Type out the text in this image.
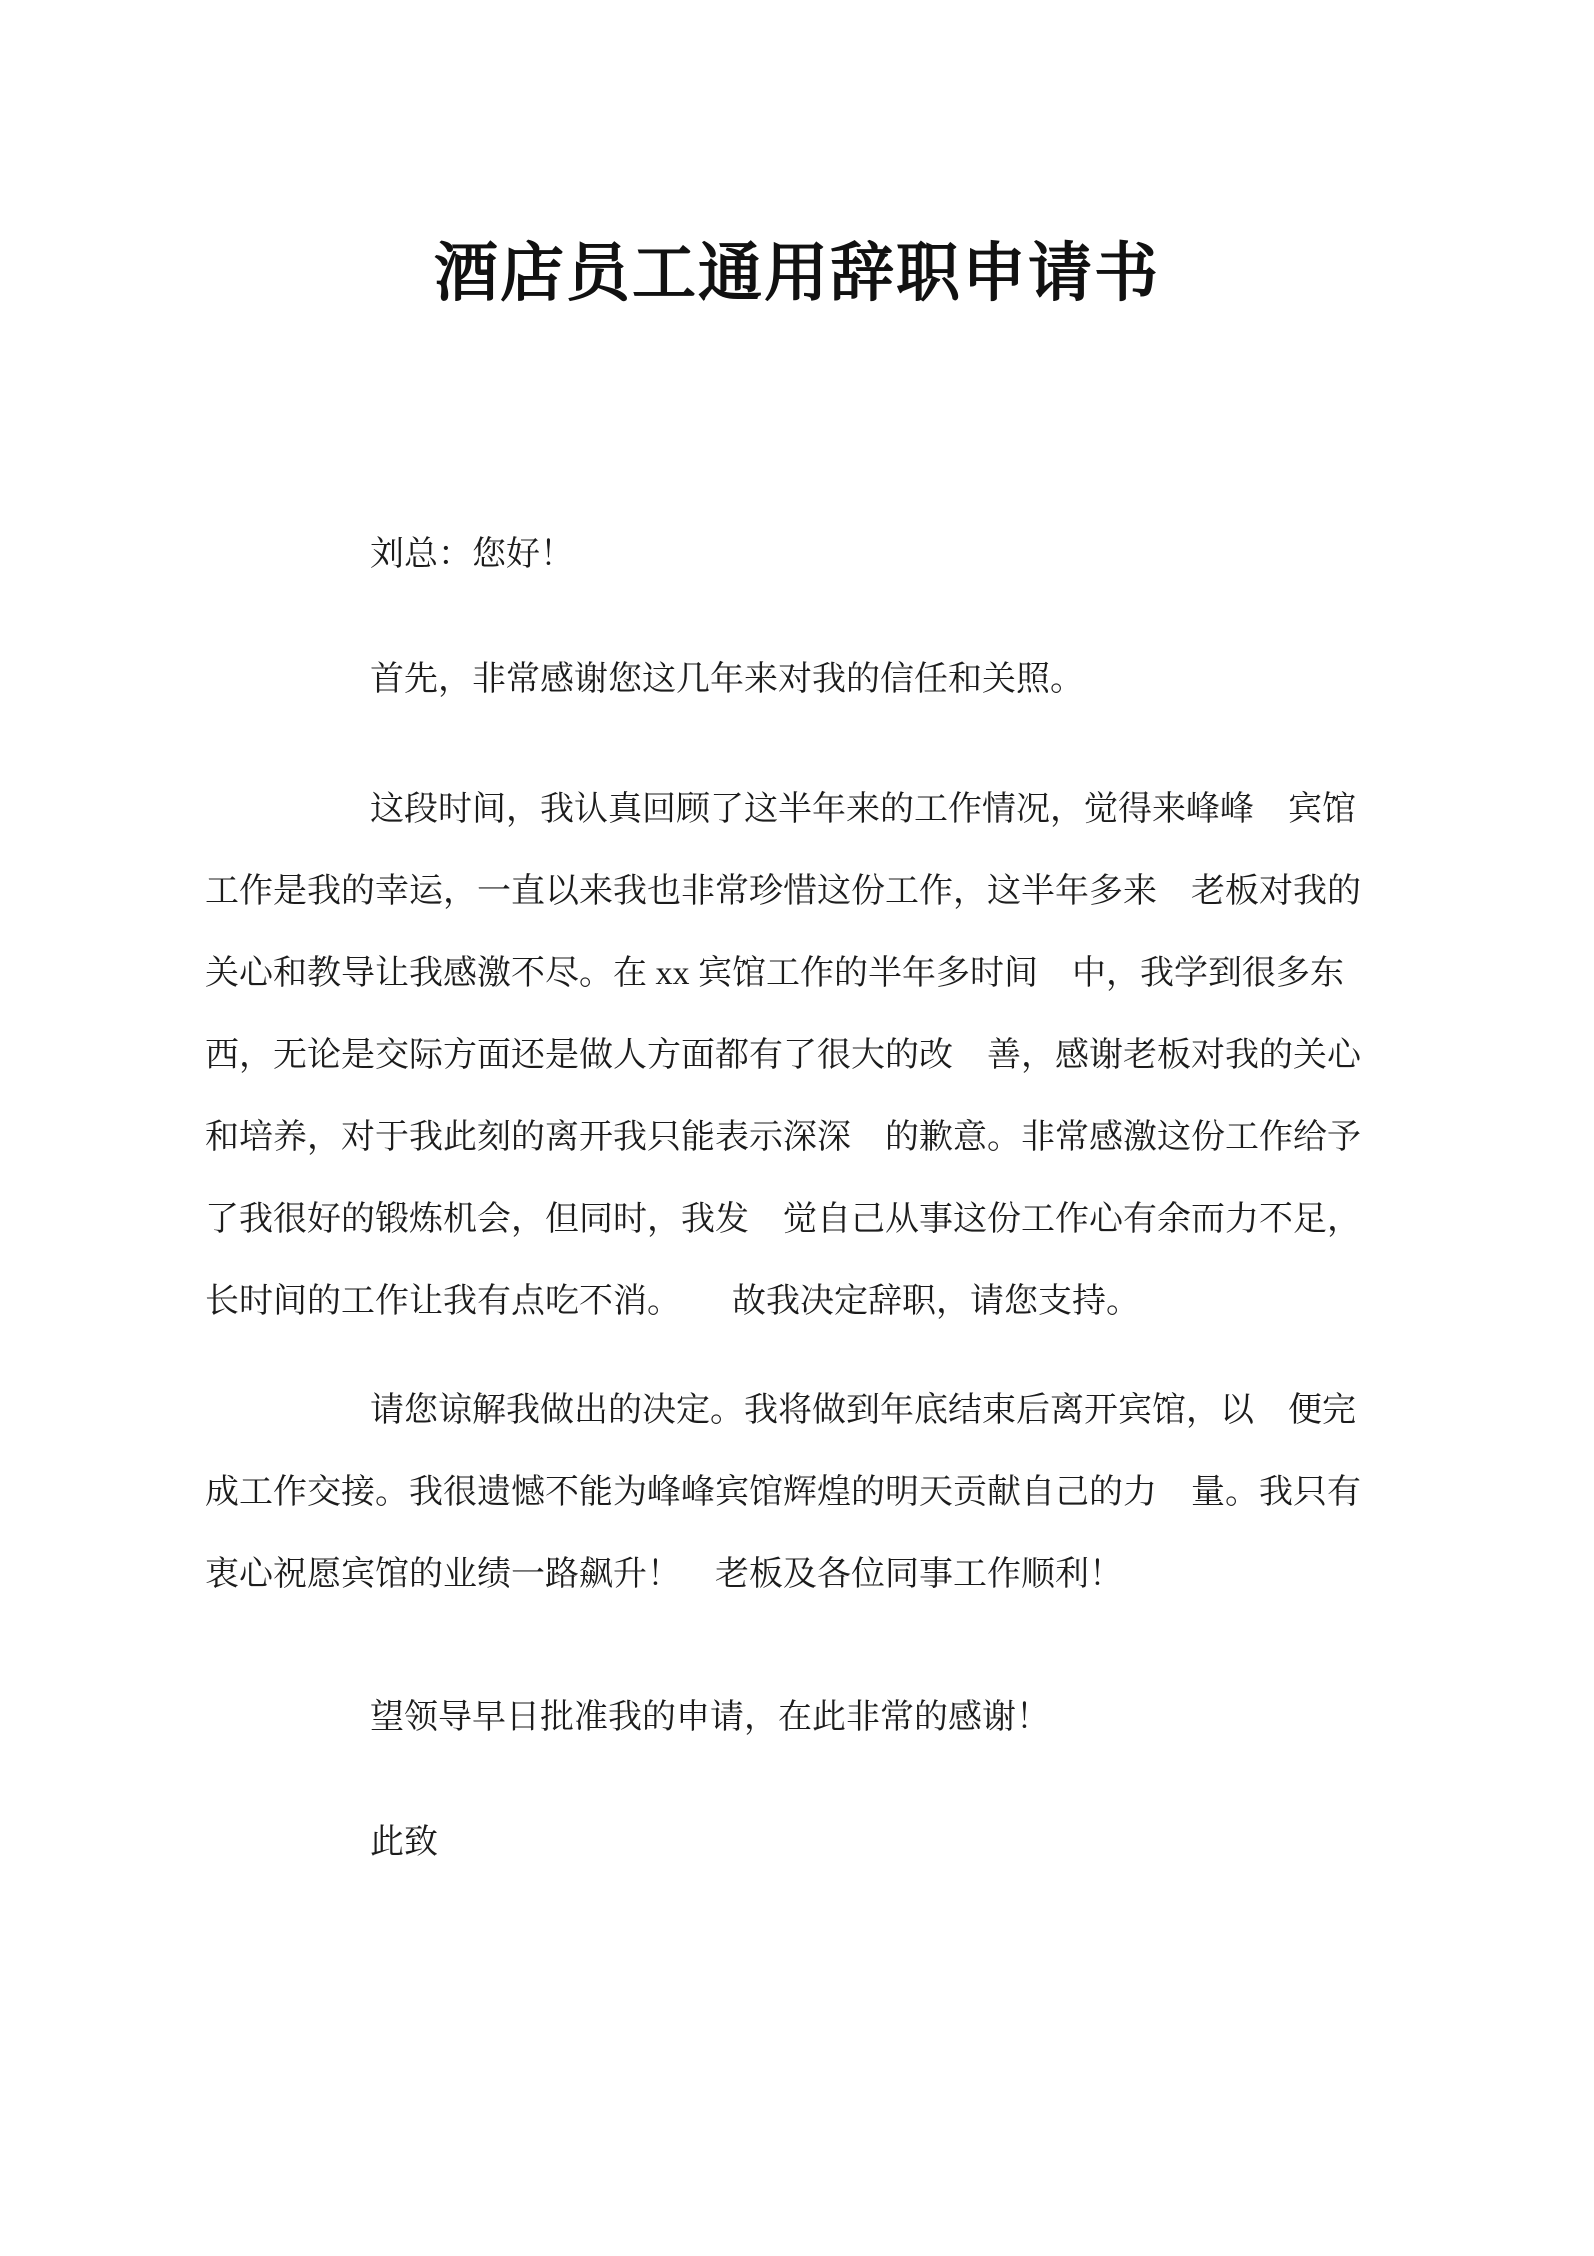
酒店员工通用辞职申请书
刘总：您好！
首先，非常感谢您这几年来对我的信任和关照。
这段时间，我认真回顾了这半年来的工作情况，觉得来峰峰　宾馆
工作是我的幸运，一直以来我也非常珍惜这份工作，这半年多来　老板对我的
关心和教导让我感激不尽。在 xx 宾馆工作的半年多时间　中，我学到很多东
西，无论是交际方面还是做人方面都有了很大的改　善，感谢老板对我的关心
和培养，对于我此刻的离开我只能表示深深　的歉意。非常感激这份工作给予
了我很好的锻炼机会，但同时，我发　觉自己从事这份工作心有余而力不足，
长时间的工作让我有点吃不消。　　故我决定辞职，请您支持。
请您谅解我做出的决定。我将做到年底结束后离开宾馆，以　便完
成工作交接。我很遗憾不能为峰峰宾馆辉煌的明天贡献自己的力　量。我只有
衷心祝愿宾馆的业绩一路飙升！　老板及各位同事工作顺利！
望领导早日批准我的申请，在此非常的感谢！
此致
